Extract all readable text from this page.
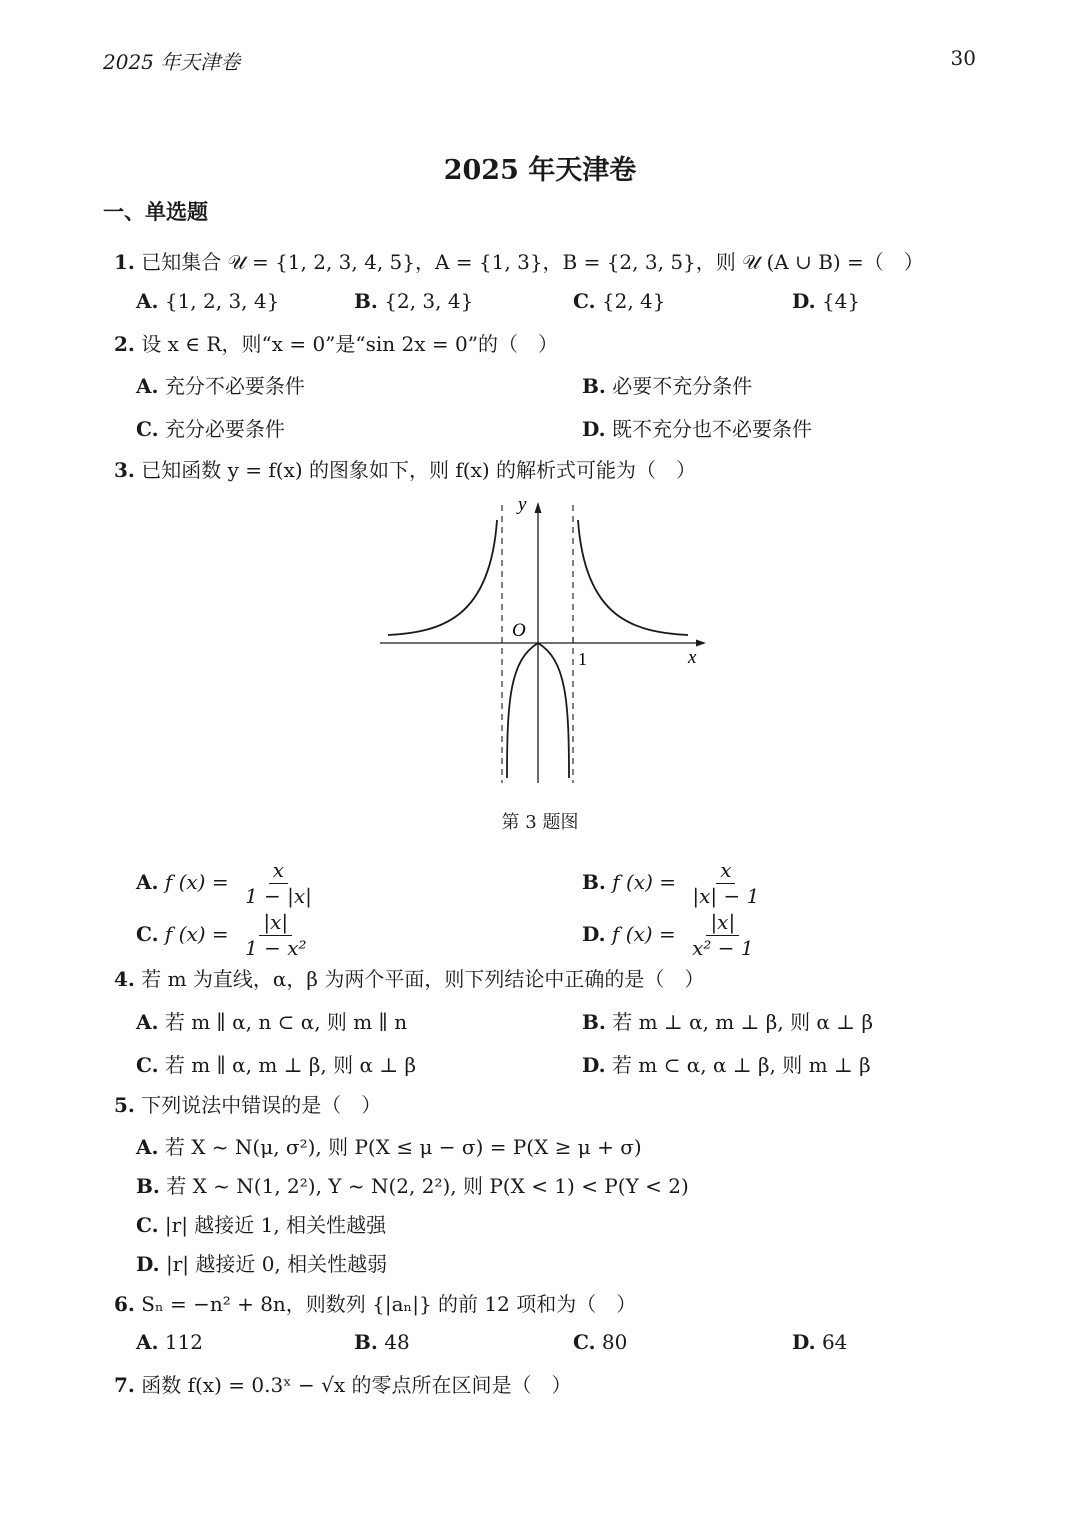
2025 年天津卷	30
2025 年天津卷
一、单选题
1. 已知集合 𝒰 = {1, 2, 3, 4, 5}，A = {1, 3}，B = {2, 3, 5}，则 𝒰 (A ∪ B) =（　）
A. {1, 2, 3, 4}	B. {2, 3, 4}	C. {2, 4}	D. {4}
2. 设 x ∈ R，则“x = 0”是“sin 2x = 0”的（　）
A. 充分不必要条件	B. 必要不充分条件
C. 充分必要条件	D. 既不充分也不必要条件
3. 已知函数 y = f(x) 的图象如下，则 f(x) 的解析式可能为（　）
y
x
O
1
第 3 题图
A. f $(x) = \frac{x}{1 - |x|}$	B. f $(x) = \frac{x}{|x| - 1}$
C. f $(x) = \frac{|x|}{\text{1 − x²}}$	D. f $(x) = \frac{|x|}{\text{x² − 1}}$
4. 若 m 为直线，α，β 为两个平面，则下列结论中正确的是（　）
A. 若 m ∥ α, n ⊂ α, 则 m ∥ n	B. 若 m ⊥ α, m ⊥ β, 则 α ⊥ β
C. 若 m ∥ α, m ⊥ β, 则 α ⊥ β	D. 若 m ⊂ α, α ⊥ β, 则 m ⊥ β
5. 下列说法中错误的是（　）
A. 若 X ~ N(μ, σ²), 则 P(X ≤ μ − σ) = P(X ≥ μ + σ)
B. 若 X ~ N(1, 2²), Y ~ N(2, 2²), 则 P(X < 1) < P(Y < 2)
C. |r| 越接近 1, 相关性越强
D. |r| 越接近 0, 相关性越弱
6. Sₙ = −n² + 8n，则数列 {|aₙ|} 的前 12 项和为（　）
A. 112	B. 48	C. 80	D. 64
7. 函数 f(x) = 0.3ˣ − √x 的零点所在区间是（　）
